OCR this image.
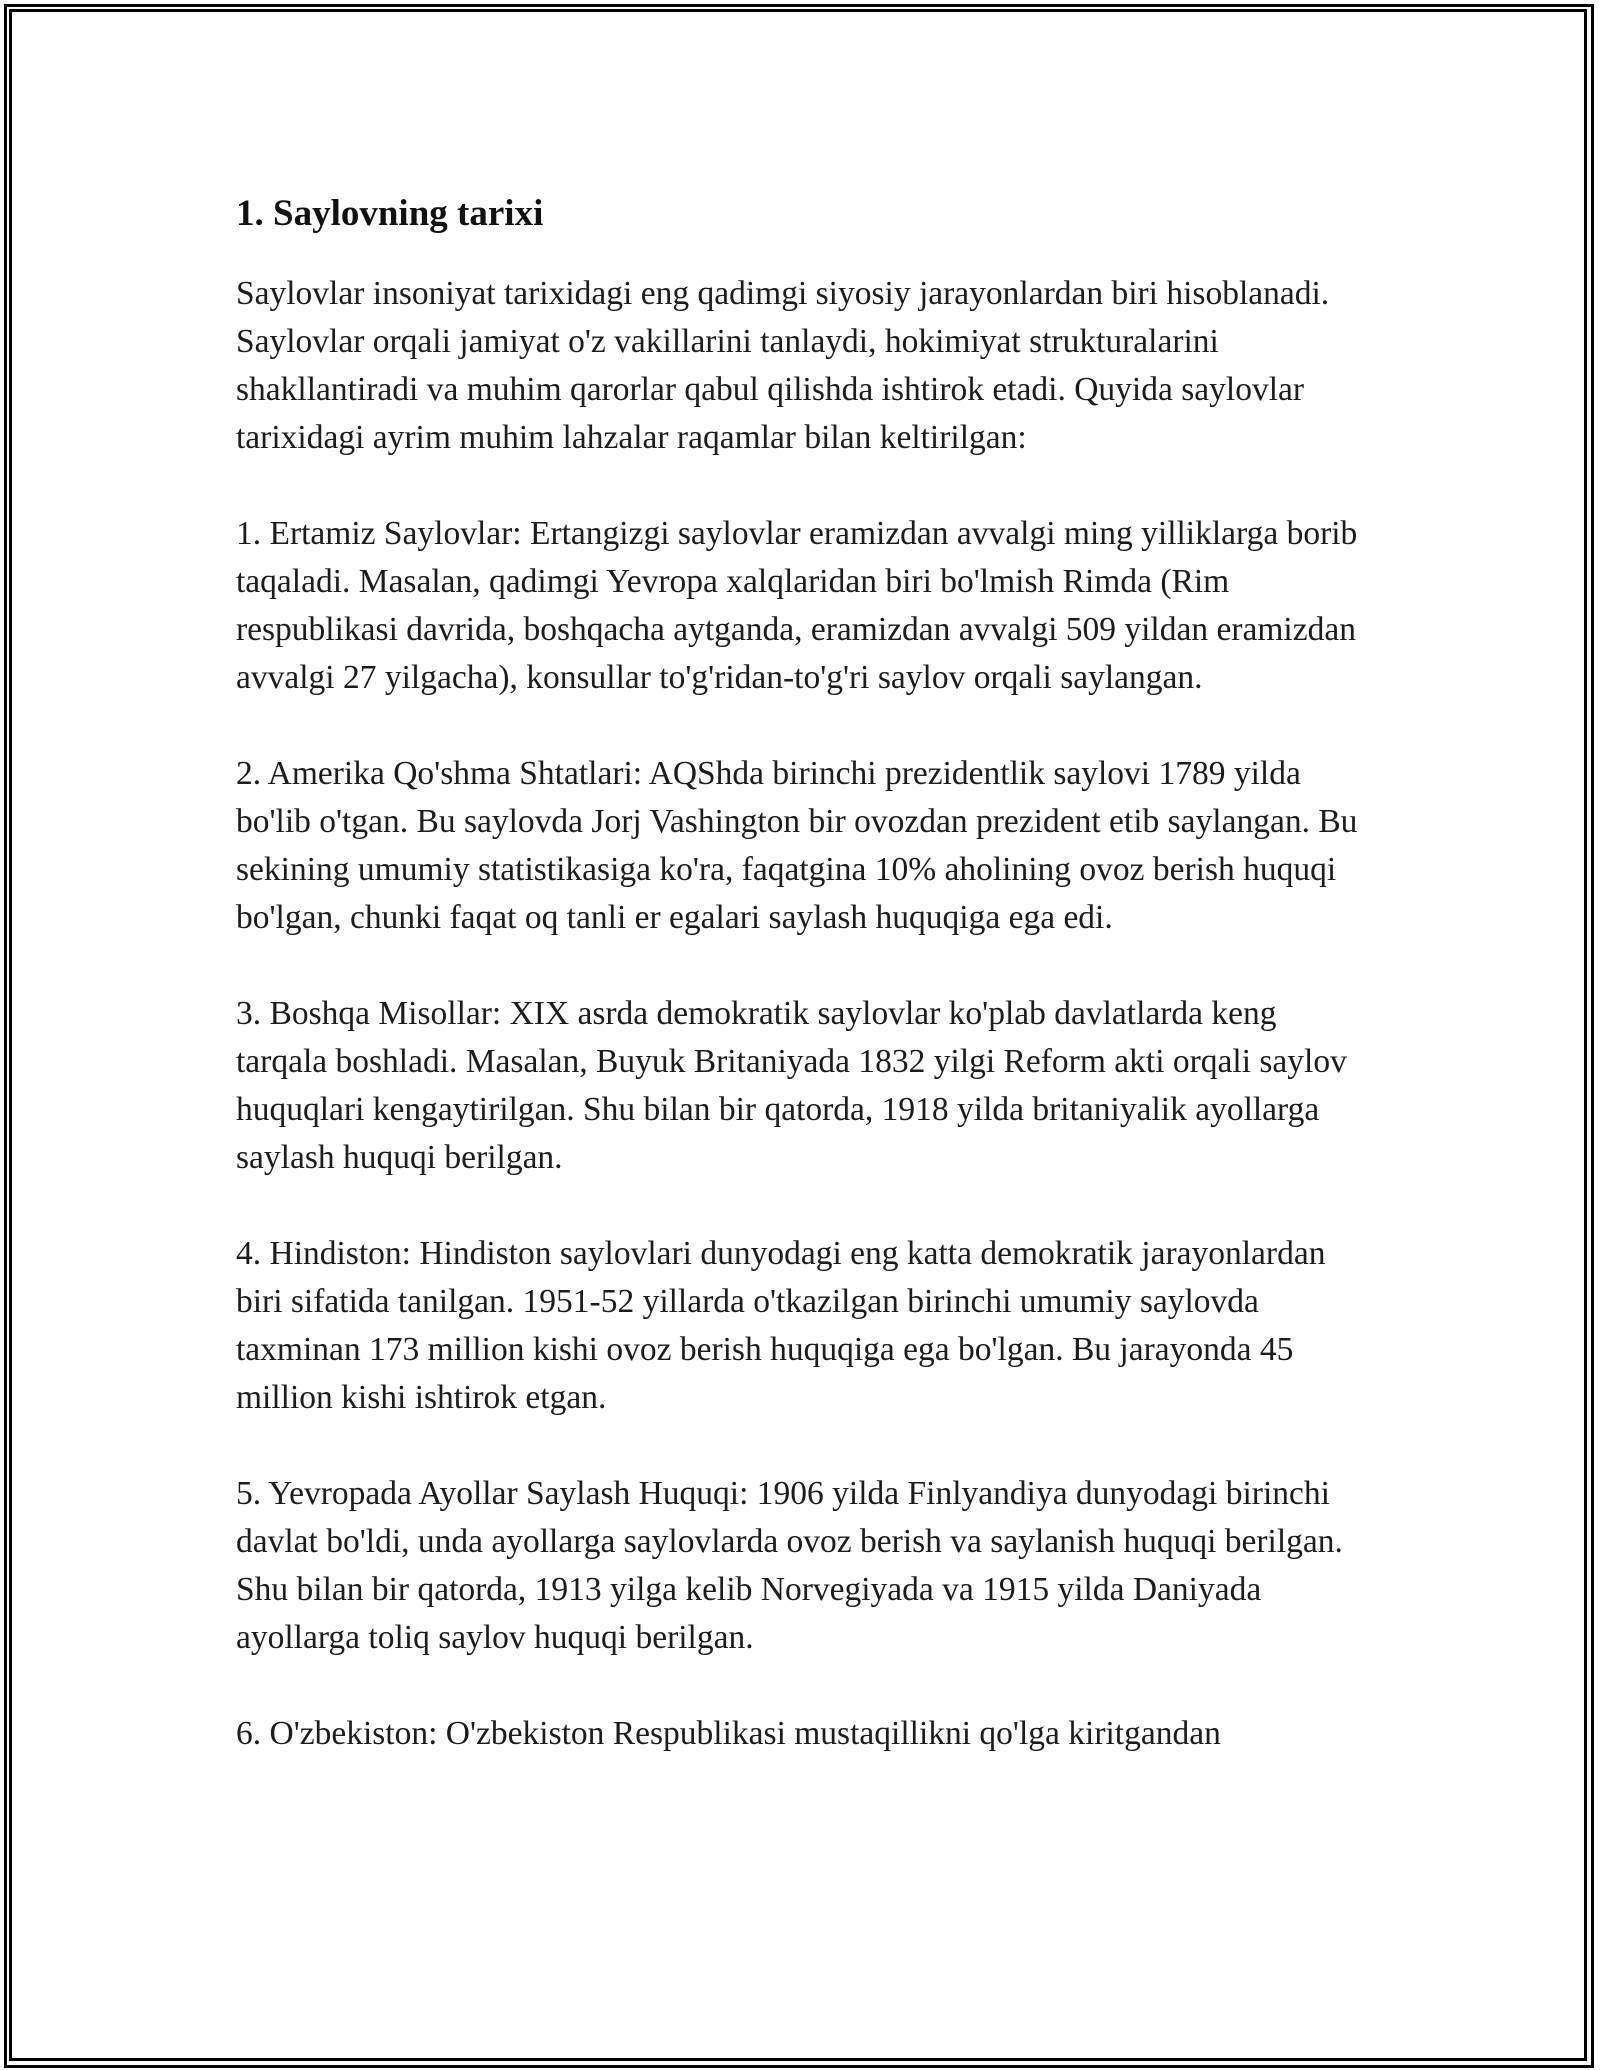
1. Saylovning tarixi

Saylovlar insoniyat tarixidagi eng qadimgi siyosiy jarayonlardan biri hisoblanadi. Saylovlar orqali jamiyat o'z vakillarini tanlaydi, hokimiyat strukturalarini shakllantiradi va muhim qarorlar qabul qilishda ishtirok etadi. Quyida saylovlar tarixidagi ayrim muhim lahzalar raqamlar bilan keltirilgan:

1. Ertamiz Saylovlar: Ertangizgi saylovlar eramizdan avvalgi ming yilliklarga borib taqaladi. Masalan, qadimgi Yevropa xalqlaridan biri bo'lmish Rimda (Rim respublikasi davrida, boshqacha aytganda, eramizdan avvalgi 509 yildan eramizdan avvalgi 27 yilgacha), konsullar to'g'ridan-to'g'ri saylov orqali saylangan.

2. Amerika Qo'shma Shtatlari: AQShda birinchi prezidentlik saylovi 1789 yilda bo'lib o'tgan. Bu saylovda Jorj Vashington bir ovozdan prezident etib saylangan. Bu sekining umumiy statistikasiga ko'ra, faqatgina 10% aholining ovoz berish huquqi bo'lgan, chunki faqat oq tanli er egalari saylash huquqiga ega edi.

3. Boshqa Misollar: XIX asrda demokratik saylovlar ko'plab davlatlarda keng tarqala boshladi. Masalan, Buyuk Britaniyada 1832 yilgi Reform akti orqali saylov huquqlari kengaytirilgan. Shu bilan bir qatorda, 1918 yilda britaniyalik ayollarga saylash huquqi berilgan.

4. Hindiston: Hindiston saylovlari dunyodagi eng katta demokratik jarayonlardan biri sifatida tanilgan. 1951-52 yillarda o'tkazilgan birinchi umumiy saylovda taxminan 173 million kishi ovoz berish huquqiga ega bo'lgan. Bu jarayonda 45 million kishi ishtirok etgan.

5. Yevropada Ayollar Saylash Huquqi: 1906 yilda Finlyandiya dunyodagi birinchi davlat bo'ldi, unda ayollarga saylovlarda ovoz berish va saylanish huquqi berilgan. Shu bilan bir qatorda, 1913 yilga kelib Norvegiyada va 1915 yilda Daniyada ayollarga toliq saylov huquqi berilgan.

6. O'zbekiston: O'zbekiston Respublikasi mustaqillikni qo'lga kiritgandan
